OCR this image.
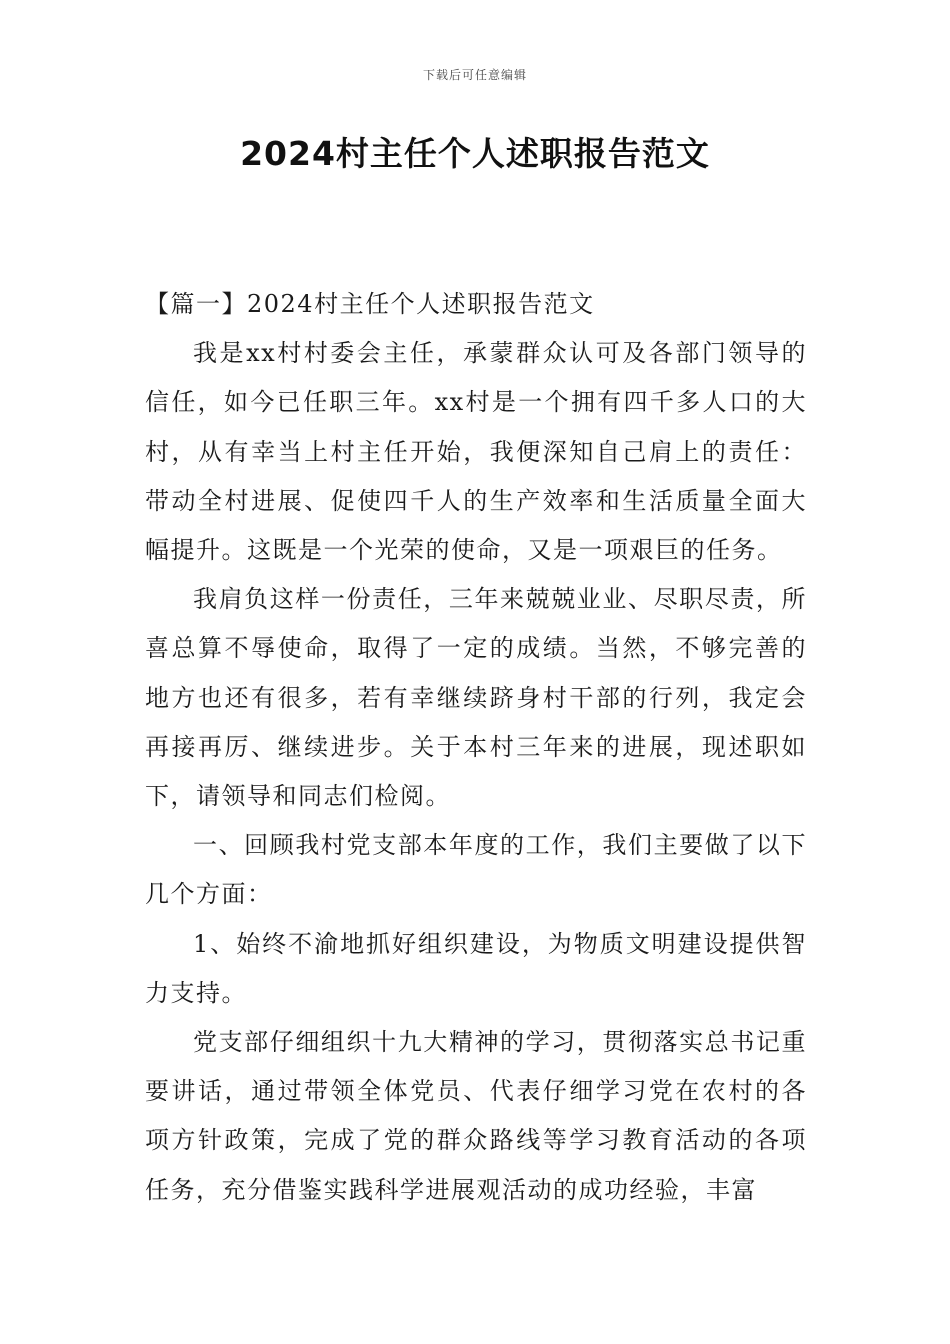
下载后可任意编辑
2024村主任个人述职报告范文

【篇一】2024村主任个人述职报告范文

我是xx村村委会主任，承蒙群众认可及各部门领导的信任，如今已任职三年。xx村是一个拥有四千多人口的大村，从有幸当上村主任开始，我便深知自己肩上的责任：带动全村进展、促使四千人的生产效率和生活质量全面大幅提升。这既是一个光荣的使命，又是一项艰巨的任务。

我肩负这样一份责任，三年来兢兢业业、尽职尽责，所喜总算不辱使命，取得了一定的成绩。当然，不够完善的地方也还有很多，若有幸继续跻身村干部的行列，我定会再接再厉、继续进步。关于本村三年来的进展，现述职如下，请领导和同志们检阅。

一、回顾我村党支部本年度的工作，我们主要做了以下几个方面：

1、始终不渝地抓好组织建设，为物质文明建设提供智力支持。

党支部仔细组织十九大精神的学习，贯彻落实总书记重要讲话，通过带领全体党员、代表仔细学习党在农村的各项方针政策，完成了党的群众路线等学习教育活动的各项任务，充分借鉴实践科学进展观活动的成功经验，丰富
